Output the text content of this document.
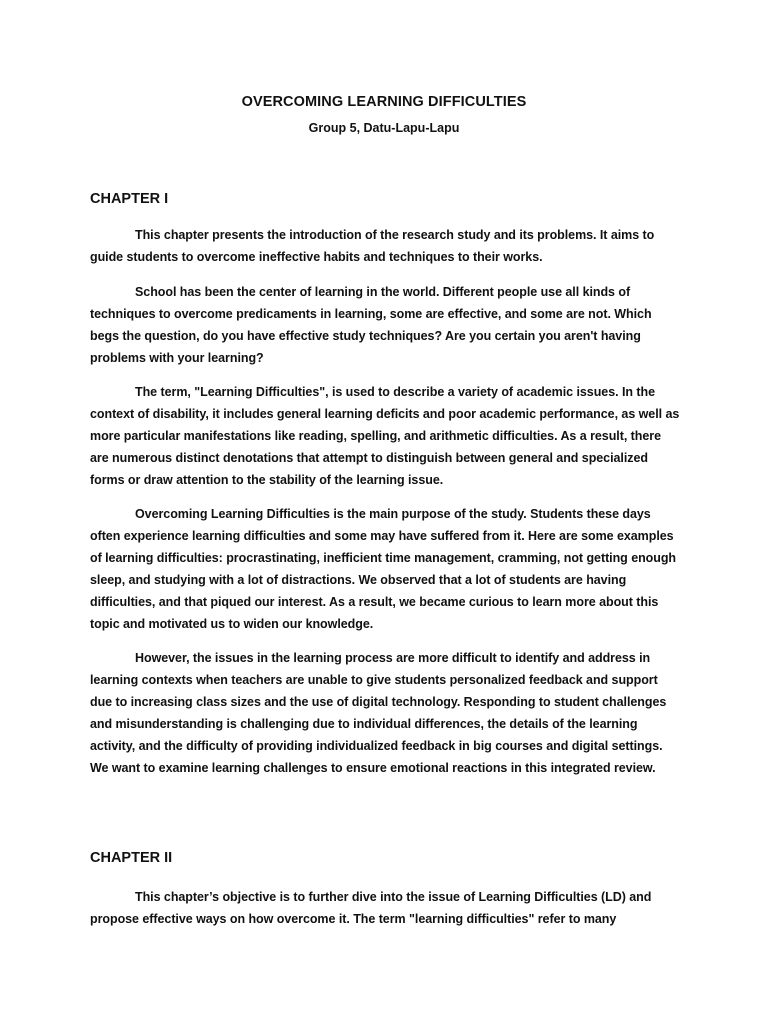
OVERCOMING LEARNING DIFFICULTIES
Group 5, Datu-Lapu-Lapu
CHAPTER I

This chapter presents the introduction of the research study and its problems. It aims to guide students to overcome ineffective habits and techniques to their works.

School has been the center of learning in the world. Different people use all kinds of techniques to overcome predicaments in learning, some are effective, and some are not. Which begs the question, do you have effective study techniques? Are you certain you aren't having problems with your learning?

The term, "Learning Difficulties", is used to describe a variety of academic issues. In the context of disability, it includes general learning deficits and poor academic performance, as well as more particular manifestations like reading, spelling, and arithmetic difficulties. As a result, there are numerous distinct denotations that attempt to distinguish between general and specialized forms or draw attention to the stability of the learning issue.

Overcoming Learning Difficulties is the main purpose of the study. Students these days often experience learning difficulties and some may have suffered from it. Here are some examples of learning difficulties: procrastinating, inefficient time management, cramming, not getting enough sleep, and studying with a lot of distractions. We observed that a lot of students are having difficulties, and that piqued our interest. As a result, we became curious to learn more about this topic and motivated us to widen our knowledge.

However, the issues in the learning process are more difficult to identify and address in learning contexts when teachers are unable to give students personalized feedback and support due to increasing class sizes and the use of digital technology. Responding to student challenges and misunderstanding is challenging due to individual differences, the details of the learning activity, and the difficulty of providing individualized feedback in big courses and digital settings. We want to examine learning challenges to ensure emotional reactions in this integrated review.

CHAPTER II

This chapter’s objective is to further dive into the issue of Learning Difficulties (LD) and propose effective ways on how overcome it. The term "learning difficulties" refer to many
